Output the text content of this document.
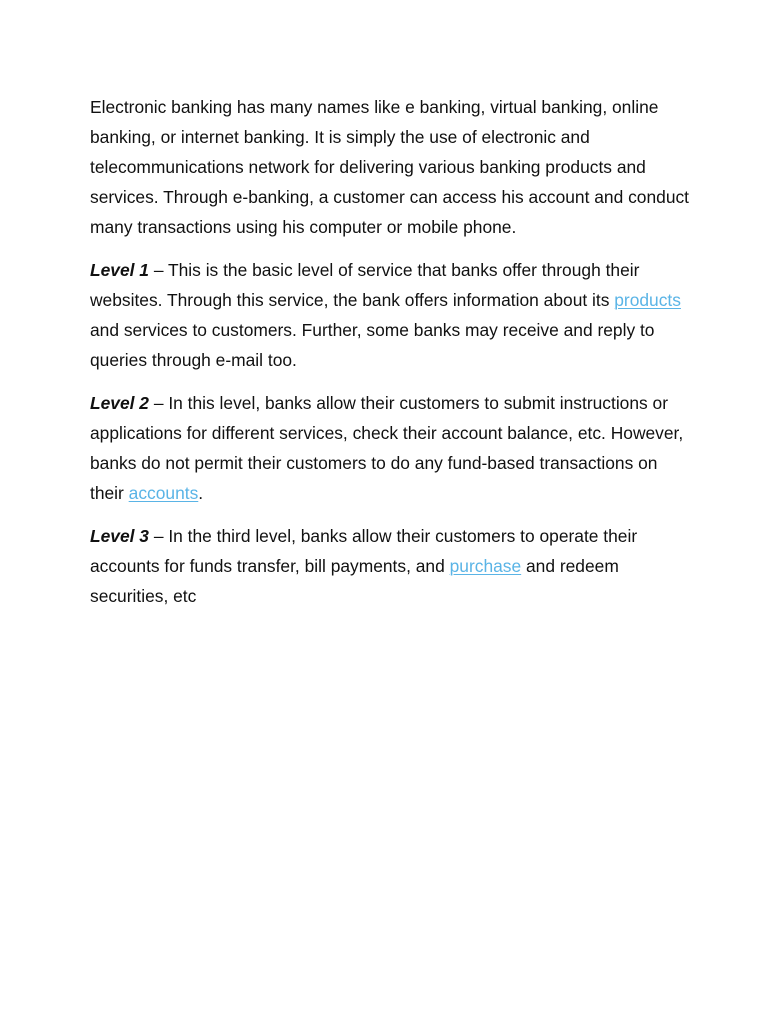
Electronic banking has many names like e banking, virtual banking, online banking, or internet banking. It is simply the use of electronic and telecommunications network for delivering various banking products and services. Through e-banking, a customer can access his account and conduct many transactions using his computer or mobile phone.

Level 1 – This is the basic level of service that banks offer through their websites. Through this service, the bank offers information about its products and services to customers. Further, some banks may receive and reply to queries through e-mail too.

Level 2 – In this level, banks allow their customers to submit instructions or applications for different services, check their account balance, etc. However, banks do not permit their customers to do any fund-based transactions on their accounts.

Level 3 – In the third level, banks allow their customers to operate their accounts for funds transfer, bill payments, and purchase and redeem securities, etc
